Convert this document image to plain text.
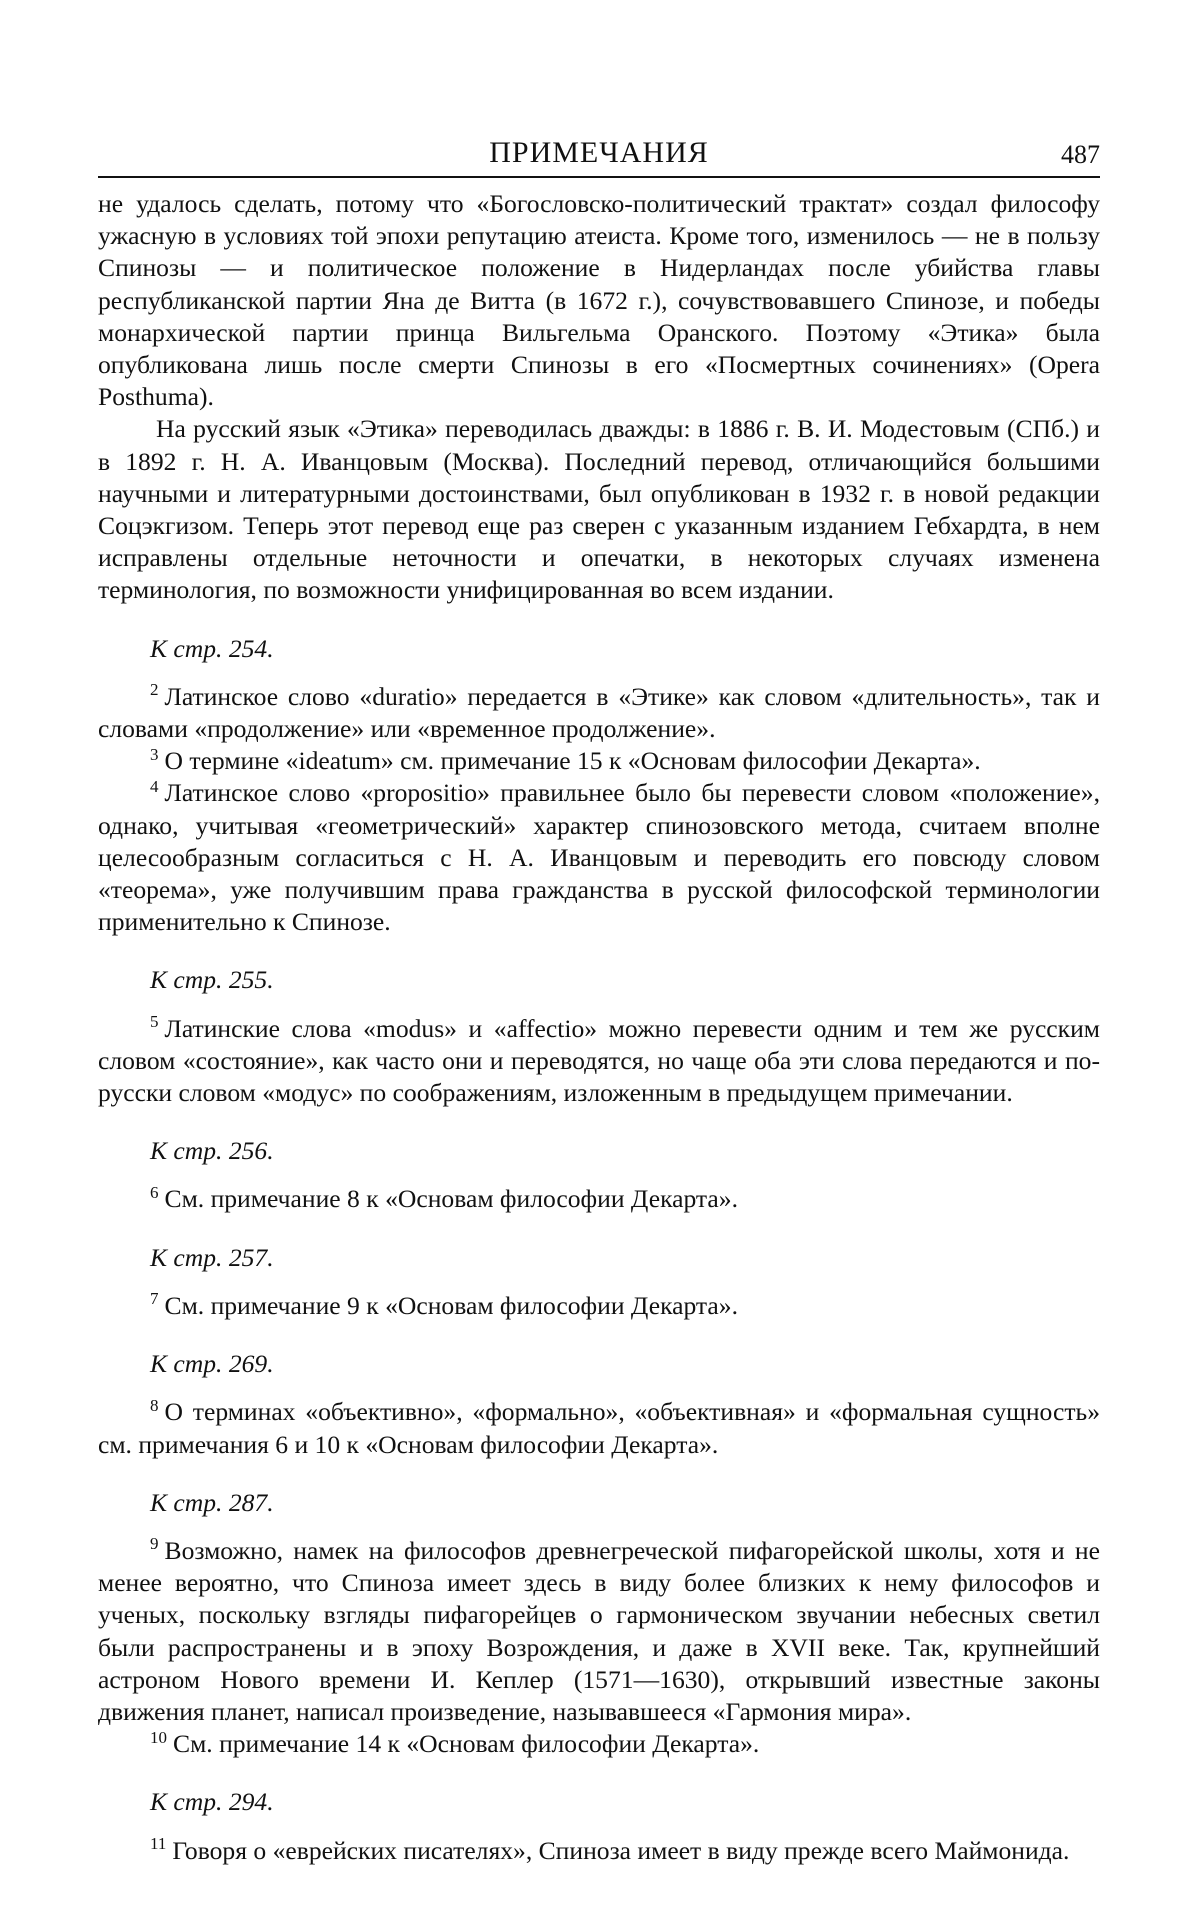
ПРИМЕЧАНИЯ	487

не удалось сделать, потому что «Богословско-политический трактат» создал философу ужасную в условиях той эпохи репутацию атеиста. Кроме того, изменилось — не в пользу Спинозы — и политическое положение в Нидерландах после убийства главы республиканской партии Яна де Витта (в 1672 г.), сочувствовавшего Спинозе, и победы монархической партии принца Вильгельма Оранского. Поэтому «Этика» была опубликована лишь после смерти Спинозы в его «Посмертных сочинениях» (Opera Posthuma).

На русский язык «Этика» переводилась дважды: в 1886 г. В. И. Модестовым (СПб.) и в 1892 г. Н. А. Иванцовым (Москва). Последний перевод, отличающийся большими научными и литературными достоинствами, был опубликован в 1932 г. в новой редакции Соцэкгизом. Теперь этот перевод еще раз сверен с указанным изданием Гебхардта, в нем исправлены отдельные неточности и опечатки, в некоторых случаях изменена терминология, по возможности унифицированная во всем издании.

К стр. 254.

$^2$ Латинское слово «duratio» передается в «Этике» как словом «длительность», так и словами «продолжение» или «временное продолжение».

$^3$ О термине «ideatum» см. примечание 15 к «Основам философии Декарта».

$^4$ Латинское слово «propositio» правильнее было бы перевести словом «положение», однако, учитывая «геометрический» характер спинозовского метода, считаем вполне целесообразным согласиться с Н. А. Иванцовым и переводить его повсюду словом «теорема», уже получившим права гражданства в русской философской терминологии применительно к Спинозе.

К стр. 255.

$^5$ Латинские слова «modus» и «affectio» можно перевести одним и тем же русским словом «состояние», как часто они и переводятся, но чаще оба эти слова передаются и по-русски словом «модус» по соображениям, изложенным в предыдущем примечании.

К стр. 256.

$^6$ См. примечание 8 к «Основам философии Декарта».

К стр. 257.

$^7$ См. примечание 9 к «Основам философии Декарта».

К стр. 269.

$^8$ О терминах «объективно», «формально», «объективная» и «формальная сущность» см. примечания 6 и 10 к «Основам философии Декарта».

К стр. 287.

$^9$ Возможно, намек на философов древнегреческой пифагорейской школы, хотя и не менее вероятно, что Спиноза имеет здесь в виду более близких к нему философов и ученых, поскольку взгляды пифагорейцев о гармоническом звучании небесных светил были распространены и в эпоху Возрождения, и даже в XVII веке. Так, крупнейший астроном Нового времени И. Кеплер (1571—1630), открывший известные законы движения планет, написал произведение, называвшееся «Гармония мира».

$^{10}$ См. примечание 14 к «Основам философии Декарта».

К стр. 294.

$^{11}$ Говоря о «еврейских писателях», Спиноза имеет в виду прежде всего Маймонида.
